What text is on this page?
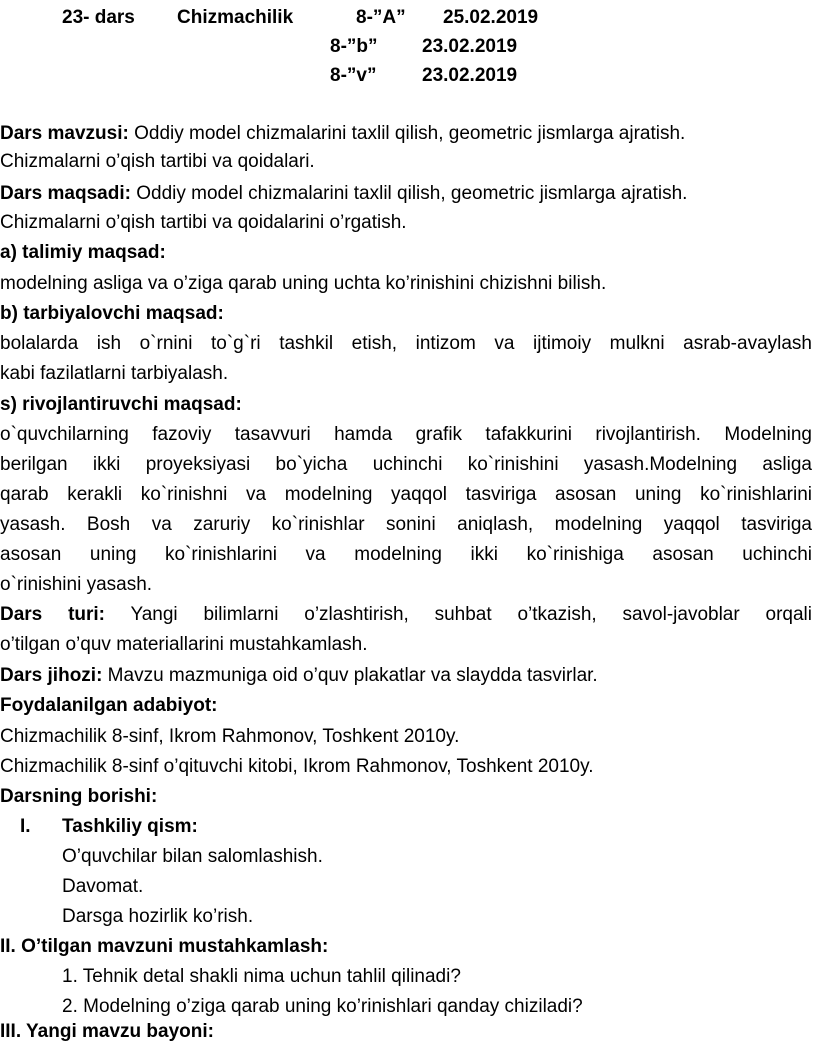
23- dars Chizmachilik	8-”A” 25.02.2019
8-”b” 23.02.2019
8-”v” 23.02.2019
Dars mavzusi: Oddiy model chizmalarini taxlil qilish, geometric jismlarga ajratish.
Chizmalarni o’qish tartibi va qoidalari.
Dars maqsadi: Oddiy model chizmalarini taxlil qilish, geometric jismlarga ajratish.
Chizmalarni o’qish tartibi va qoidalarini o’rgatish.
a) talimiy maqsad:
modelning asliga va o’ziga qarab uning uchta ko’rinishini chizishni bilish.
b) tarbiyalovchi maqsad:
bolalarda ish o`rnini to`g`ri tashkil etish, intizom va ijtimoiy mulkni asrab-avaylash
kabi fazilatlarni tarbiyalash.
s) rivojlantiruvchi maqsad:
o`quvchilarning fazoviy tasavvuri hamda grafik tafakkurini rivojlantirish. Modelning
berilgan ikki proyeksiyasi bo`yicha uchinchi ko`rinishini yasash.Modelning asliga
qarab kerakli ko`rinishni va modelning yaqqol tasviriga asosan uning ko`rinishlarini
yasash. Bosh va zaruriy ko`rinishlar sonini aniqlash, modelning yaqqol tasviriga
asosan uning ko`rinishlarini va modelning ikki ko`rinishiga asosan uchinchi
o`rinishini yasash.
Dars turi: Yangi bilimlarni o’zlashtirish, suhbat o’tkazish, savol-javoblar orqali
o’tilgan o’quv materiallarini mustahkamlash.
Dars jihozi: Mavzu mazmuniga oid o’quv plakatlar va slaydda tasvirlar.
Foydalanilgan adabiyot:
Chizmachilik 8-sinf, Ikrom Rahmonov, Toshkent 2010y.
Chizmachilik 8-sinf o’qituvchi kitobi, Ikrom Rahmonov, Toshkent 2010y.
Darsning borishi:
I. Tashkiliy qism:
O’quvchilar bilan salomlashish.
Davomat.
Darsga hozirlik ko’rish.
II. O’tilgan mavzuni mustahkamlash:
1. Tehnik detal shakli nima uchun tahlil qilinadi?
2. Modelning o’ziga qarab uning ko’rinishlari qanday chiziladi?
III. Yangi mavzu bayoni:
